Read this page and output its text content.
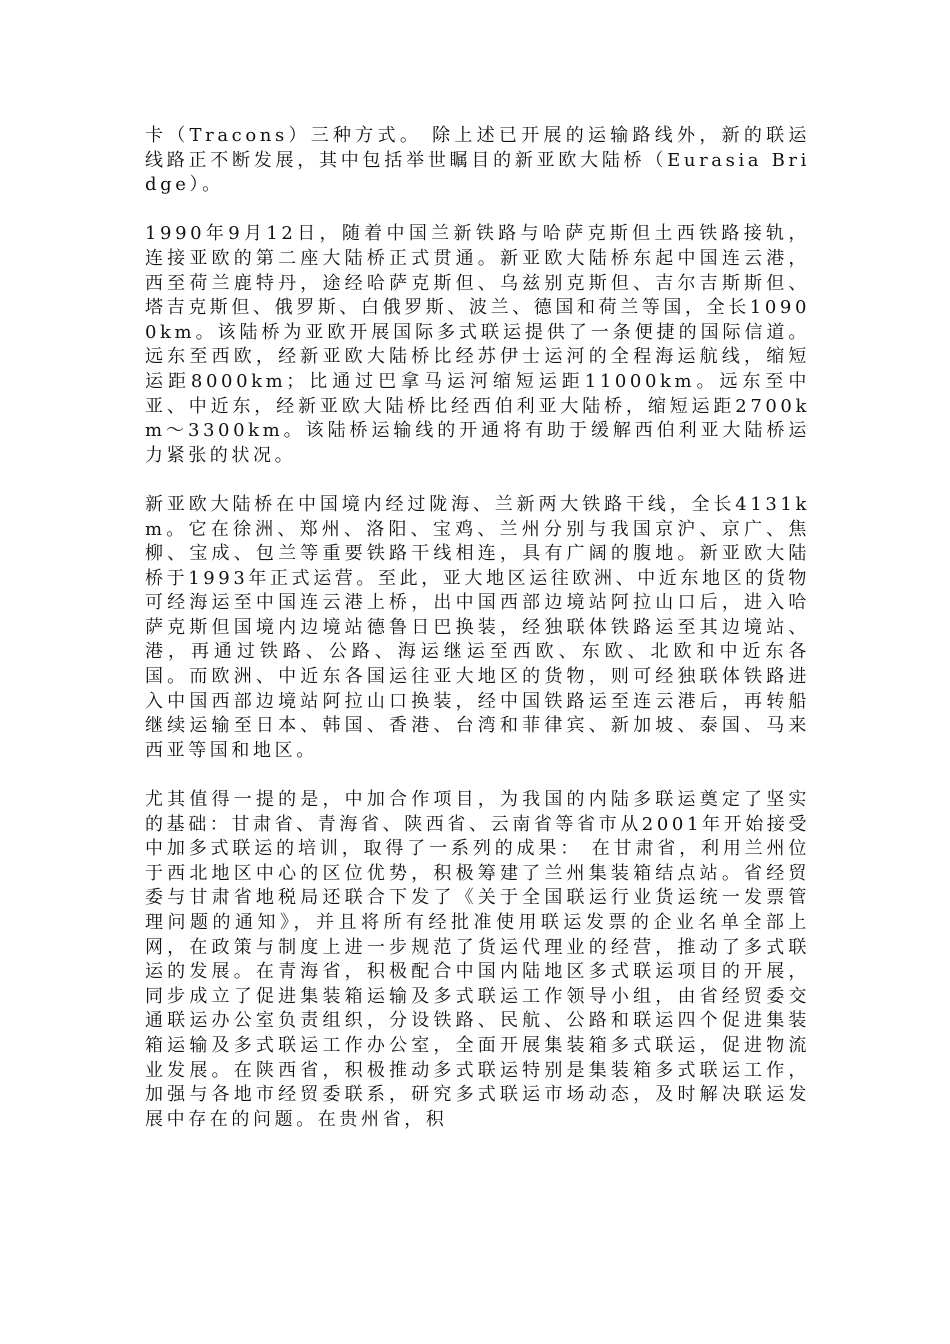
卡（Tracons）三种方式。 除上述已开展的运输路线外，新的联运线路正不断发展，其中包括举世瞩目的新亚欧大陆桥（Eurasia Bridge）。

1990年9月12日，随着中国兰新铁路与哈萨克斯但土西铁路接轨，连接亚欧的第二座大陆桥正式贯通。新亚欧大陆桥东起中国连云港，西至荷兰鹿特丹，途经哈萨克斯但、乌兹别克斯但、吉尔吉斯斯但、塔吉克斯但、俄罗斯、白俄罗斯、波兰、德国和荷兰等国，全长10900km。该陆桥为亚欧开展国际多式联运提供了一条便捷的国际信道。远东至西欧，经新亚欧大陆桥比经苏伊士运河的全程海运航线，缩短运距8000km；比通过巴拿马运河缩短运距11000km。远东至中亚、中近东，经新亚欧大陆桥比经西伯利亚大陆桥，缩短运距2700km～3300km。该陆桥运输线的开通将有助于缓解西伯利亚大陆桥运力紧张的状况。

新亚欧大陆桥在中国境内经过陇海、兰新两大铁路干线，全长4131km。它在徐洲、郑州、洛阳、宝鸡、兰州分别与我国京沪、京广、焦柳、宝成、包兰等重要铁路干线相连，具有广阔的腹地。新亚欧大陆桥于1993年正式运营。至此，亚大地区运往欧洲、中近东地区的货物可经海运至中国连云港上桥，出中国西部边境站阿拉山口后，进入哈萨克斯但国境内边境站德鲁日巴换装，经独联体铁路运至其边境站、港，再通过铁路、公路、海运继运至西欧、东欧、北欧和中近东各国。而欧洲、中近东各国运往亚大地区的货物，则可经独联体铁路进入中国西部边境站阿拉山口换装，经中国铁路运至连云港后，再转船继续运输至日本、韩国、香港、台湾和菲律宾、新加坡、泰国、马来西亚等国和地区。

尤其值得一提的是，中加合作项目，为我国的内陆多联运奠定了坚实的基础：甘肃省、青海省、陕西省、云南省等省市从2001年开始接受中加多式联运的培训，取得了一系列的成果： 在甘肃省，利用兰州位于西北地区中心的区位优势，积极筹建了兰州集装箱结点站。省经贸委与甘肃省地税局还联合下发了《关于全国联运行业货运统一发票管理问题的通知》，并且将所有经批准使用联运发票的企业名单全部上网，在政策与制度上进一步规范了货运代理业的经营，推动了多式联运的发展。在青海省，积极配合中国内陆地区多式联运项目的开展，同步成立了促进集装箱运输及多式联运工作领导小组，由省经贸委交通联运办公室负责组织，分设铁路、民航、公路和联运四个促进集装箱运输及多式联运工作办公室，全面开展集装箱多式联运，促进物流业发展。在陕西省，积极推动多式联运特别是集装箱多式联运工作，加强与各地市经贸委联系，研究多式联运市场动态，及时解决联运发展中存在的问题。在贵州省，积
